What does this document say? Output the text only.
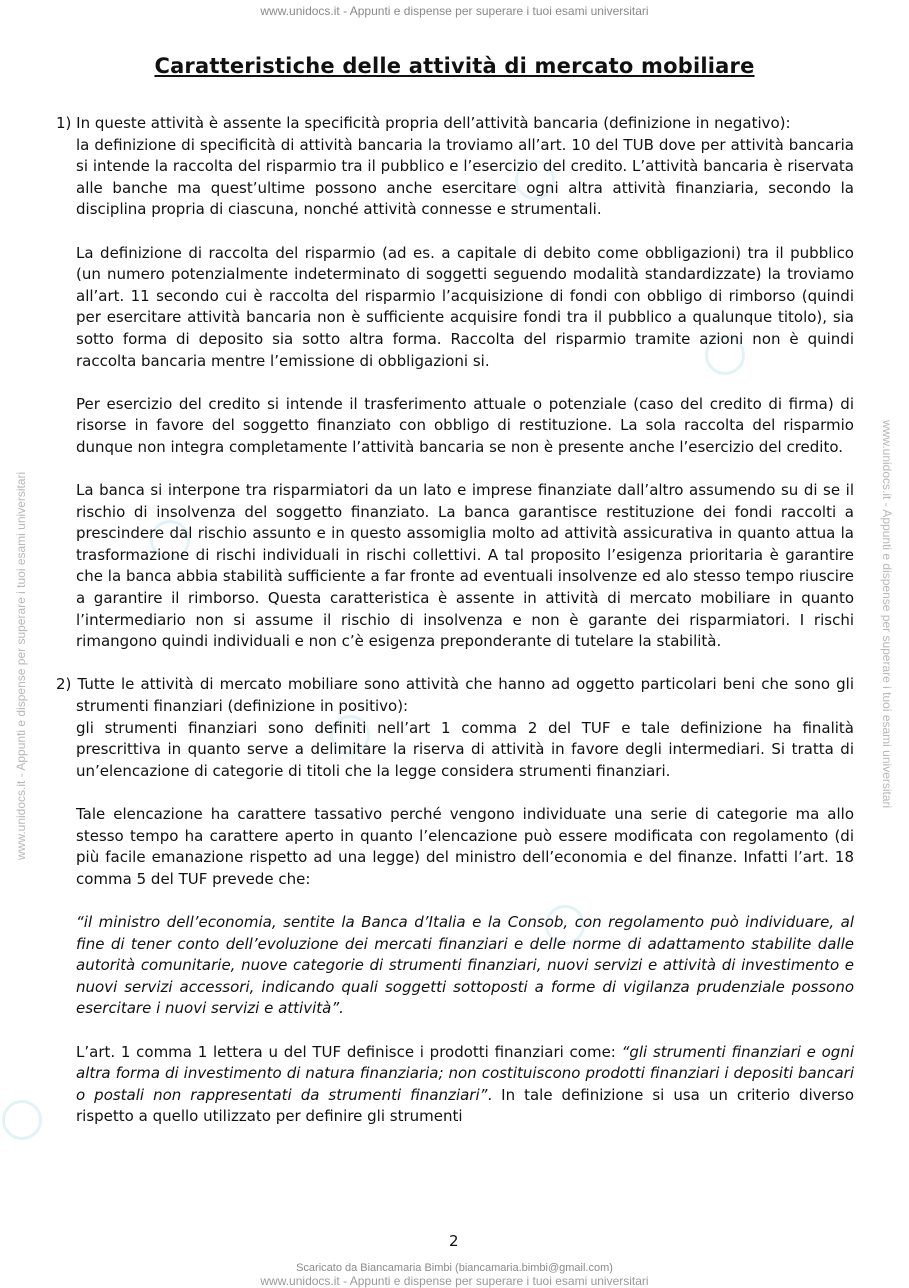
www.unidocs.it - Appunti e dispense per superare i tuoi esami universitari
www.unidocs.it - Appunti e dispense per superare i tuoi esami universitari	www.unidocs.it - Appunti e dispense per superare i tuoi esami universitari
Caratteristiche delle attività di mercato mobiliare

1) In queste attività è assente la specificità propria dell’attività bancaria (definizione in negativo):

la definizione di specificità di attività bancaria la troviamo all’art. 10 del TUB dove per attività bancaria si intende la raccolta del risparmio tra il pubblico e l’esercizio del credito. L’attività bancaria è riservata alle banche ma quest’ultime possono anche esercitare ogni altra attività finanziaria, secondo la disciplina propria di ciascuna, nonché attività connesse e strumentali.

La definizione di raccolta del risparmio (ad es. a capitale di debito come obbligazioni) tra il pubblico (un numero potenzialmente indeterminato di soggetti seguendo modalità standardizzate) la troviamo all’art. 11 secondo cui è raccolta del risparmio l’acquisizione di fondi con obbligo di rimborso (quindi per esercitare attività bancaria non è sufficiente acquisire fondi tra il pubblico a qualunque titolo), sia sotto forma di deposito sia sotto altra forma. Raccolta del risparmio tramite azioni non è quindi raccolta bancaria mentre l’emissione di obbligazioni si.

Per esercizio del credito si intende il trasferimento attuale o potenziale (caso del credito di firma) di risorse in favore del soggetto finanziato con obbligo di restituzione. La sola raccolta del risparmio dunque non integra completamente l’attività bancaria se non è presente anche l’esercizio del credito.

La banca si interpone tra risparmiatori da un lato e imprese finanziate dall’altro assumendo su di se il rischio di insolvenza del soggetto finanziato. La banca garantisce restituzione dei fondi raccolti a prescindere dal rischio assunto e in questo assomiglia molto ad attività assicurativa in quanto attua la trasformazione di rischi individuali in rischi collettivi. A tal proposito l’esigenza prioritaria è garantire che la banca abbia stabilità sufficiente a far fronte ad eventuali insolvenze ed alo stesso tempo riuscire a garantire il rimborso. Questa caratteristica è assente in attività di mercato mobiliare in quanto l’intermediario non si assume il rischio di insolvenza e non è garante dei risparmiatori. I rischi rimangono quindi individuali e non c’è esigenza preponderante di tutelare la stabilità.

2) Tutte le attività di mercato mobiliare sono attività che hanno ad oggetto particolari beni che sono gli strumenti finanziari (definizione in positivo):

gli strumenti finanziari sono definiti nell’art 1 comma 2 del TUF e tale definizione ha finalità prescrittiva in quanto serve a delimitare la riserva di attività in favore degli intermediari. Si tratta di un’elencazione di categorie di titoli che la legge considera strumenti finanziari.

Tale elencazione ha carattere tassativo perché vengono individuate una serie di categorie ma allo stesso tempo ha carattere aperto in quanto l’elencazione può essere modificata con regolamento (di più facile emanazione rispetto ad una legge) del ministro dell’economia e del finanze. Infatti l’art. 18 comma 5 del TUF prevede che:

“il ministro dell’economia, sentite la Banca d’Italia e la Consob, con regolamento può individuare, al fine di tener conto dell’evoluzione dei mercati finanziari e delle norme di adattamento stabilite dalle autorità comunitarie, nuove categorie di strumenti finanziari, nuovi servizi e attività di investimento e nuovi servizi accessori, indicando quali soggetti sottoposti a forme di vigilanza prudenziale possono esercitare i nuovi servizi e attività”.

L’art. 1 comma 1 lettera u del TUF definisce i prodotti finanziari come: “gli strumenti finanziari e ogni altra forma di investimento di natura finanziaria; non costituiscono prodotti finanziari i depositi bancari o postali non rappresentati da strumenti finanziari”. In tale definizione si usa un criterio diverso rispetto a quello utilizzato per definire gli strumenti

2
Scaricato da Biancamaria Bimbi (biancamaria.bimbi@gmail.com)
www.unidocs.it - Appunti e dispense per superare i tuoi esami universitari
